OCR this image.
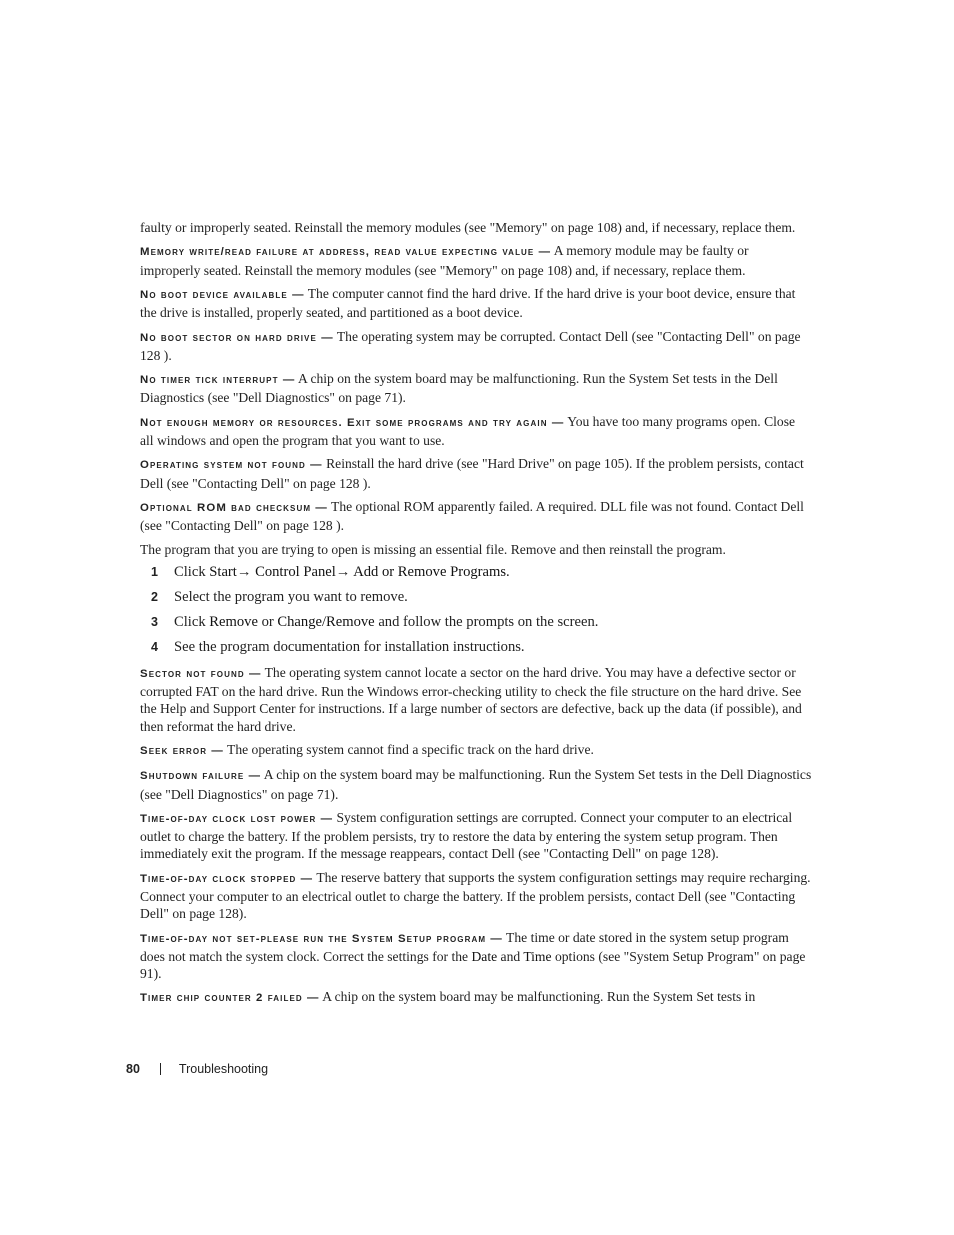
faulty or improperly seated. Reinstall the memory modules (see "Memory" on page 108) and, if necessary, replace them.

Memory write/read failure at address, read value expecting value — A memory module may be faulty or improperly seated. Reinstall the memory modules (see "Memory" on page 108) and, if necessary, replace them.

No boot device available — The computer cannot find the hard drive. If the hard drive is your boot device, ensure that the drive is installed, properly seated, and partitioned as a boot device.

No boot sector on hard drive — The operating system may be corrupted. Contact Dell (see "Contacting Dell" on page 128 ).

No timer tick interrupt — A chip on the system board may be malfunctioning. Run the System Set tests in the Dell Diagnostics (see "Dell Diagnostics" on page 71).

Not enough memory or resources. Exit some programs and try again — You have too many programs open. Close all windows and open the program that you want to use.

Operating system not found — Reinstall the hard drive (see "Hard Drive" on page 105). If the problem persists, contact Dell (see "Contacting Dell" on page 128 ).

Optional ROM bad checksum — The optional ROM apparently failed. A required. DLL file was not found. Contact Dell (see "Contacting Dell" on page 128 ).

The program that you are trying to open is missing an essential file. Remove and then reinstall the program.

1 Click Start→ Control Panel→ Add or Remove Programs.
2 Select the program you want to remove.
3 Click Remove or Change/Remove and follow the prompts on the screen.
4 See the program documentation for installation instructions.

Sector not found — The operating system cannot locate a sector on the hard drive. You may have a defective sector or corrupted FAT on the hard drive. Run the Windows error-checking utility to check the file structure on the hard drive. See the Help and Support Center for instructions. If a large number of sectors are defective, back up the data (if possible), and then reformat the hard drive.

Seek error — The operating system cannot find a specific track on the hard drive.

Shutdown failure — A chip on the system board may be malfunctioning. Run the System Set tests in the Dell Diagnostics (see "Dell Diagnostics" on page 71).

Time-of-day clock lost power — System configuration settings are corrupted. Connect your computer to an electrical outlet to charge the battery. If the problem persists, try to restore the data by entering the system setup program. Then immediately exit the program. If the message reappears, contact Dell (see "Contacting Dell" on page 128).

Time-of-day clock stopped — The reserve battery that supports the system configuration settings may require recharging. Connect your computer to an electrical outlet to charge the battery. If the problem persists, contact Dell (see "Contacting Dell" on page 128).

Time-of-day not set-please run the System Setup program — The time or date stored in the system setup program does not match the system clock. Correct the settings for the Date and Time options (see "System Setup Program" on page 91).

Timer chip counter 2 failed — A chip on the system board may be malfunctioning. Run the System Set tests in

80	Troubleshooting
